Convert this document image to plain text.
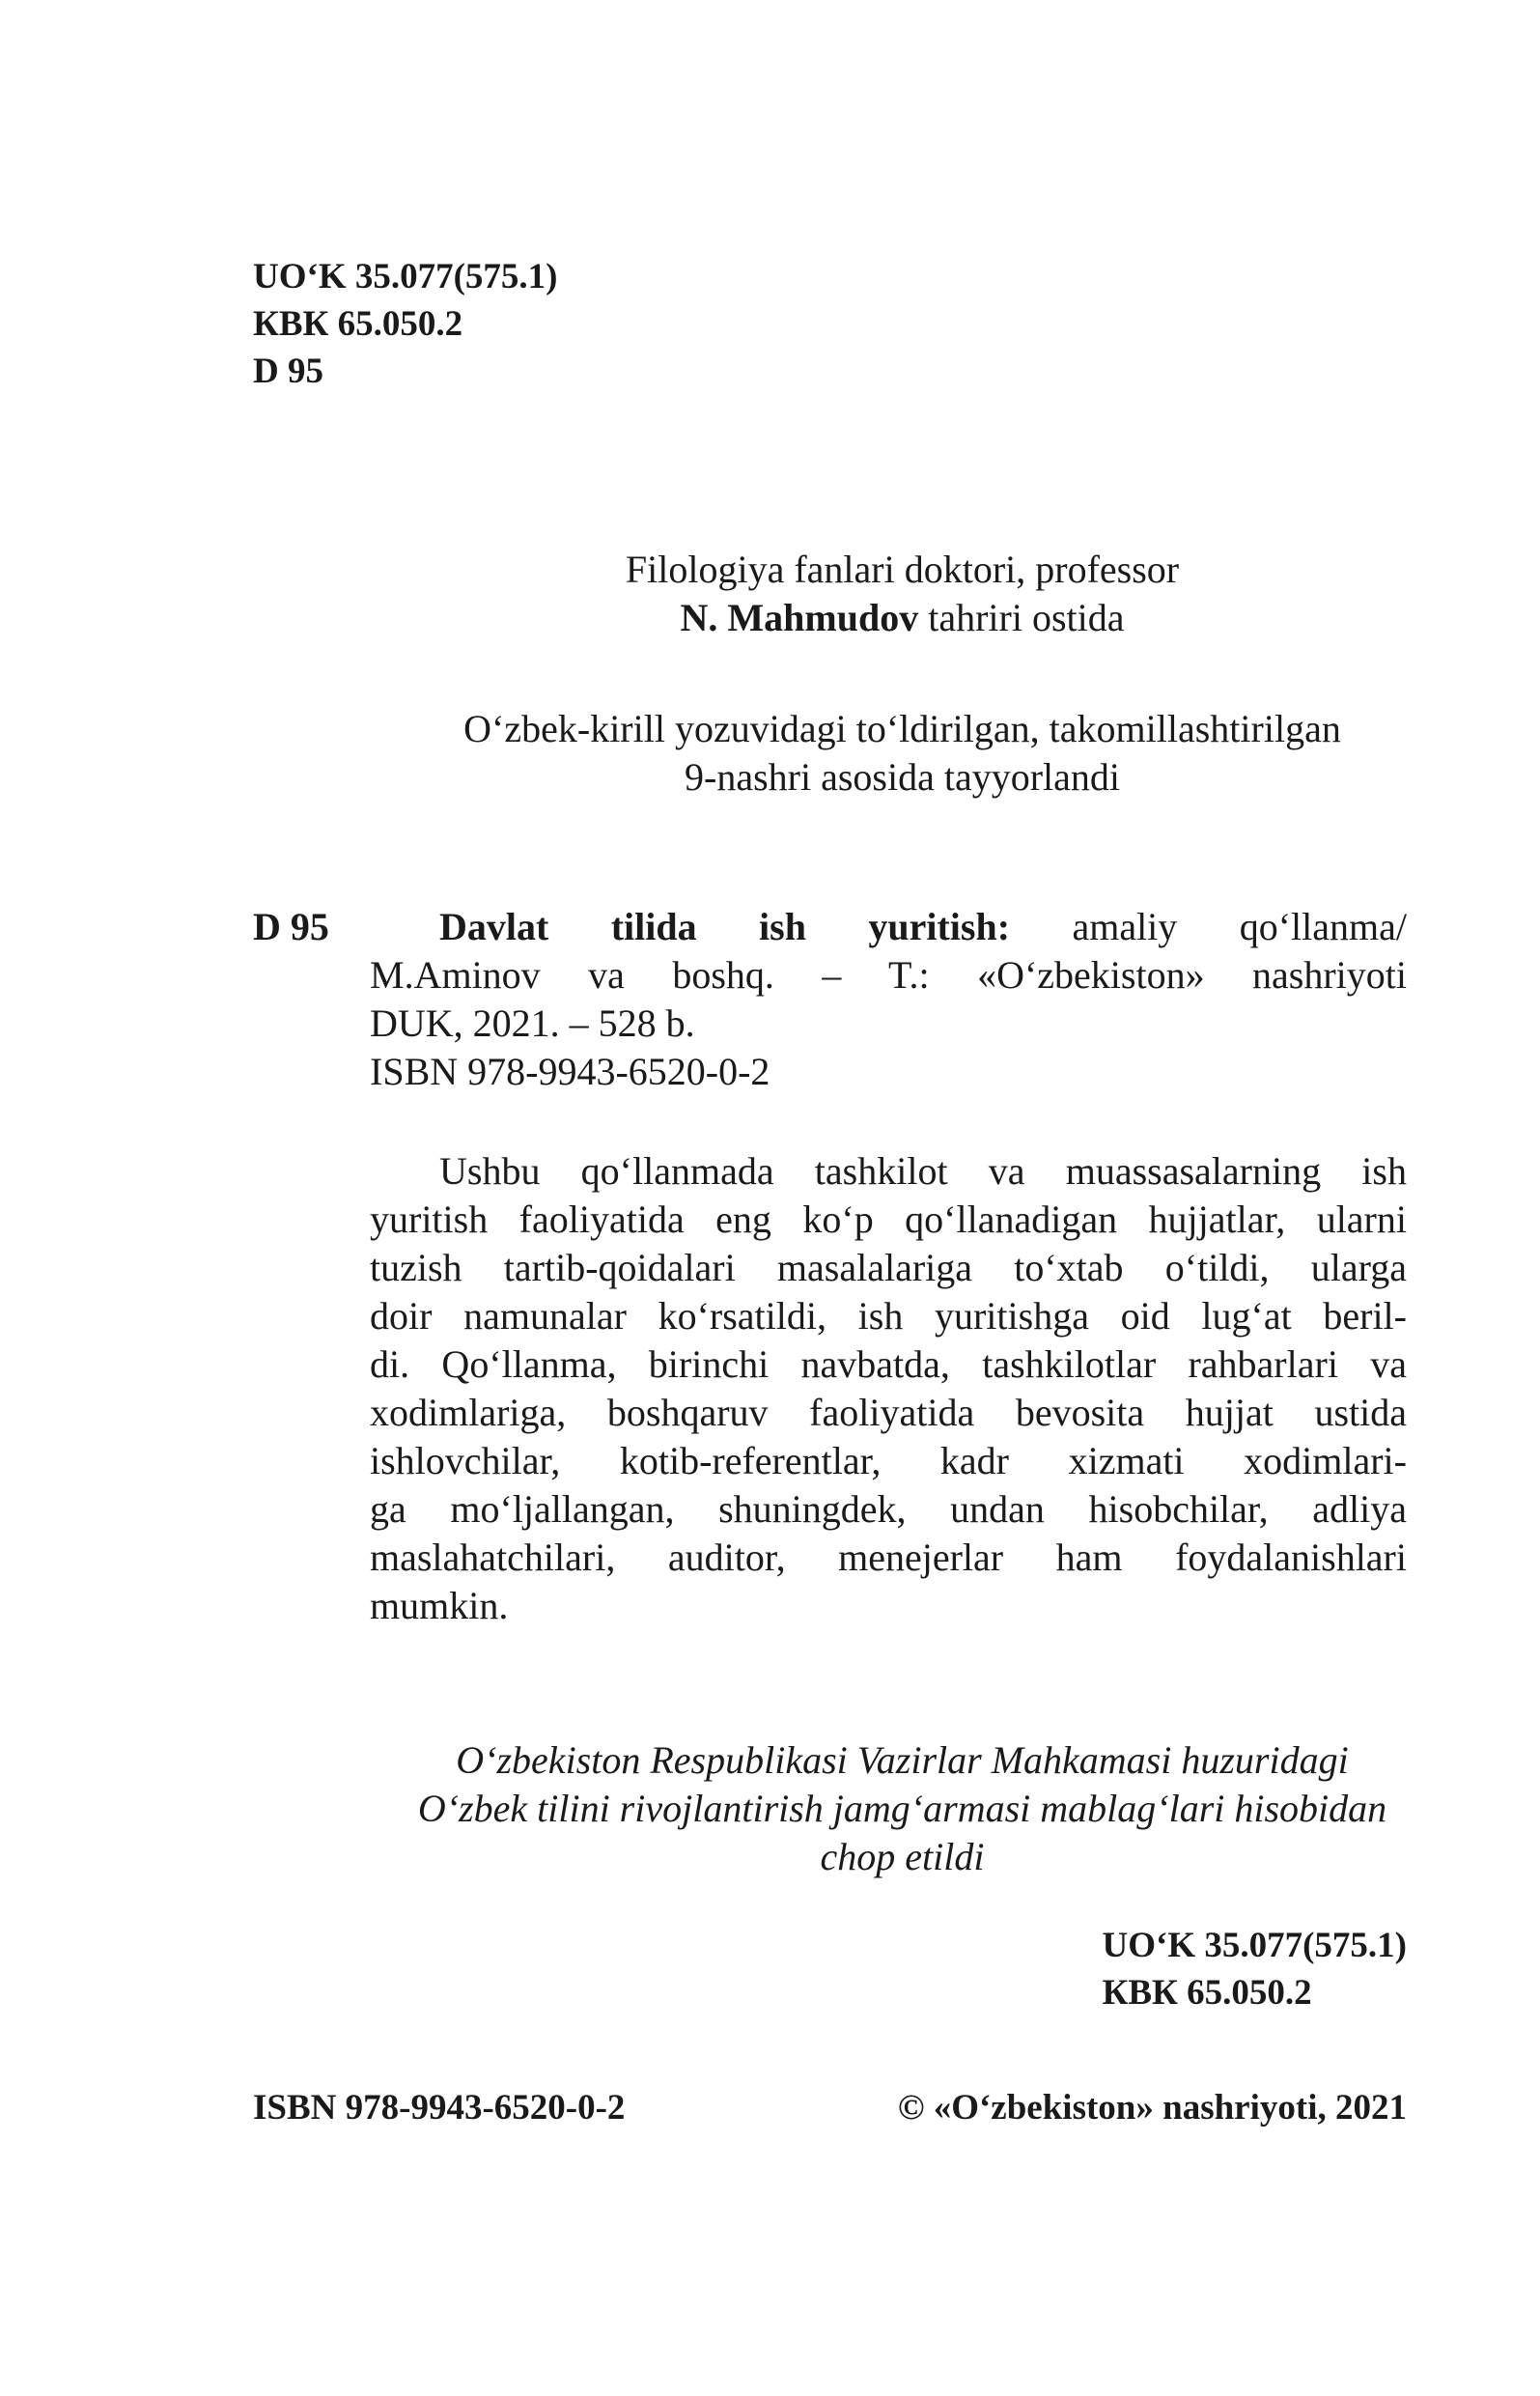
UO‘K 35.077(575.1)
КВК 65.050.2
D 95
Filologiya fanlari doktori, professor
N. Mahmudov tahriri ostida
O‘zbek-kirill yozuvidagi to‘ldirilgan, takomillashtirilgan
9-nashri asosida tayyorlandi
D 95	Davlat tilida ish yuritish: amaliy qo‘llanma/
M.Aminov va boshq. – T.: «O‘zbekiston» nashriyoti
DUK, 2021. – 528 b.
ISBN 978-9943-6520-0-2
Ushbu qo‘llanmada tashkilot va muassasalarning ish
yuritish faoliyatida eng ko‘p qo‘llanadigan hujjatlar, ularni
tuzish tartib-qoidalari masalalariga to‘xtab o‘tildi, ularga
doir namunalar ko‘rsatildi, ish yuritishga oid lug‘at beril-
di. Qo‘llanma, birinchi navbatda, tashkilotlar rahbarlari va
xodimlariga, boshqaruv faoliyatida bevosita hujjat ustida
ishlovchilar, kotib-referentlar, kadr xizmati xodimlari-
ga mo‘ljallangan, shuningdek, undan hisobchilar, adliya
maslahatchilari, auditor, menejerlar ham foydalanishlari
mumkin.
O‘zbekiston Respublikasi Vazirlar Mahkamasi huzuridagi
O‘zbek tilini rivojlantirish jamg‘armasi mablag‘lari hisobidan
chop etildi
UO‘K 35.077(575.1)
КВК 65.050.2
ISBN 978-9943-6520-0-2	© «O‘zbekiston» nashriyoti, 2021
